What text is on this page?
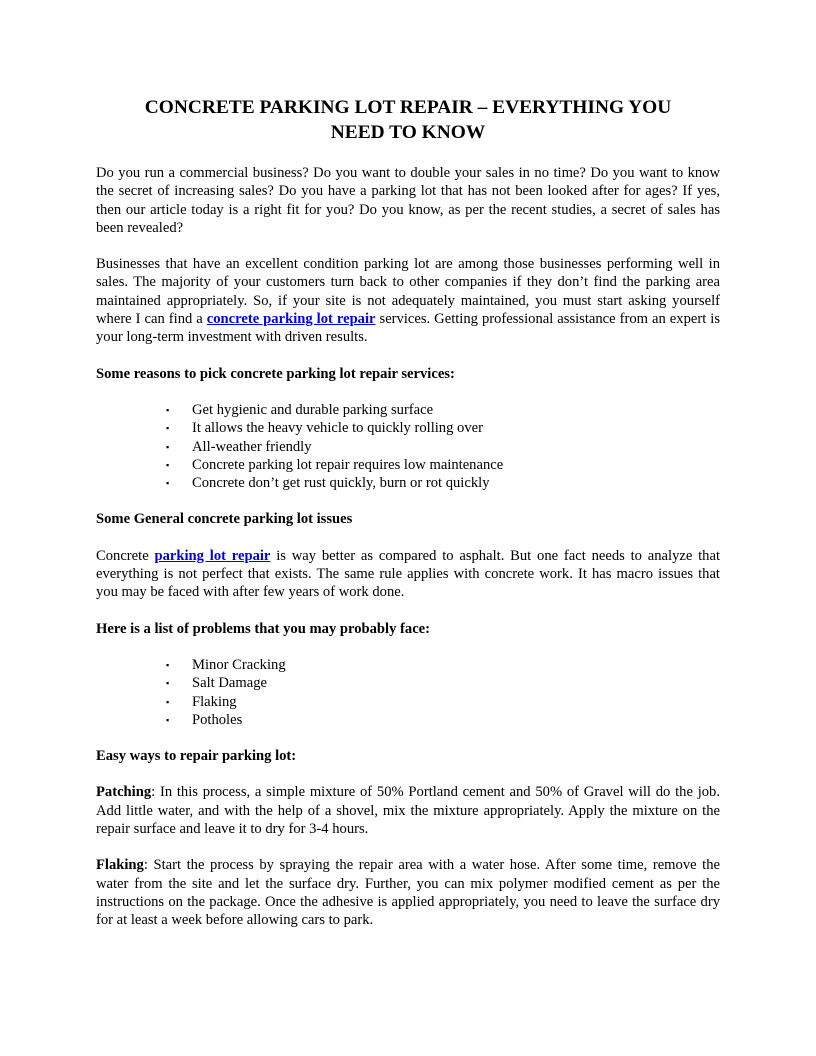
CONCRETE PARKING LOT REPAIR – EVERYTHING YOU NEED TO KNOW

Do you run a commercial business? Do you want to double your sales in no time? Do you want to know the secret of increasing sales? Do you have a parking lot that has not been looked after for ages? If yes, then our article today is a right fit for you? Do you know, as per the recent studies, a secret of sales has been revealed?

Businesses that have an excellent condition parking lot are among those businesses performing well in sales. The majority of your customers turn back to other companies if they don’t find the parking area maintained appropriately. So, if your site is not adequately maintained, you must start asking yourself where I can find a concrete parking lot repair services. Getting professional assistance from an expert is your long-term investment with driven results.

Some reasons to pick concrete parking lot repair services:

▪ Get hygienic and durable parking surface
▪ It allows the heavy vehicle to quickly rolling over
▪ All-weather friendly
▪ Concrete parking lot repair requires low maintenance
▪ Concrete don’t get rust quickly, burn or rot quickly

Some General concrete parking lot issues

Concrete parking lot repair is way better as compared to asphalt. But one fact needs to analyze that everything is not perfect that exists. The same rule applies with concrete work. It has macro issues that you may be faced with after few years of work done.

Here is a list of problems that you may probably face:

▪ Minor Cracking
▪ Salt Damage
▪ Flaking
▪ Potholes

Easy ways to repair parking lot:

Patching: In this process, a simple mixture of 50% Portland cement and 50% of Gravel will do the job. Add little water, and with the help of a shovel, mix the mixture appropriately. Apply the mixture on the repair surface and leave it to dry for 3-4 hours.

Flaking: Start the process by spraying the repair area with a water hose. After some time, remove the water from the site and let the surface dry. Further, you can mix polymer modified cement as per the instructions on the package. Once the adhesive is applied appropriately, you need to leave the surface dry for at least a week before allowing cars to park.
